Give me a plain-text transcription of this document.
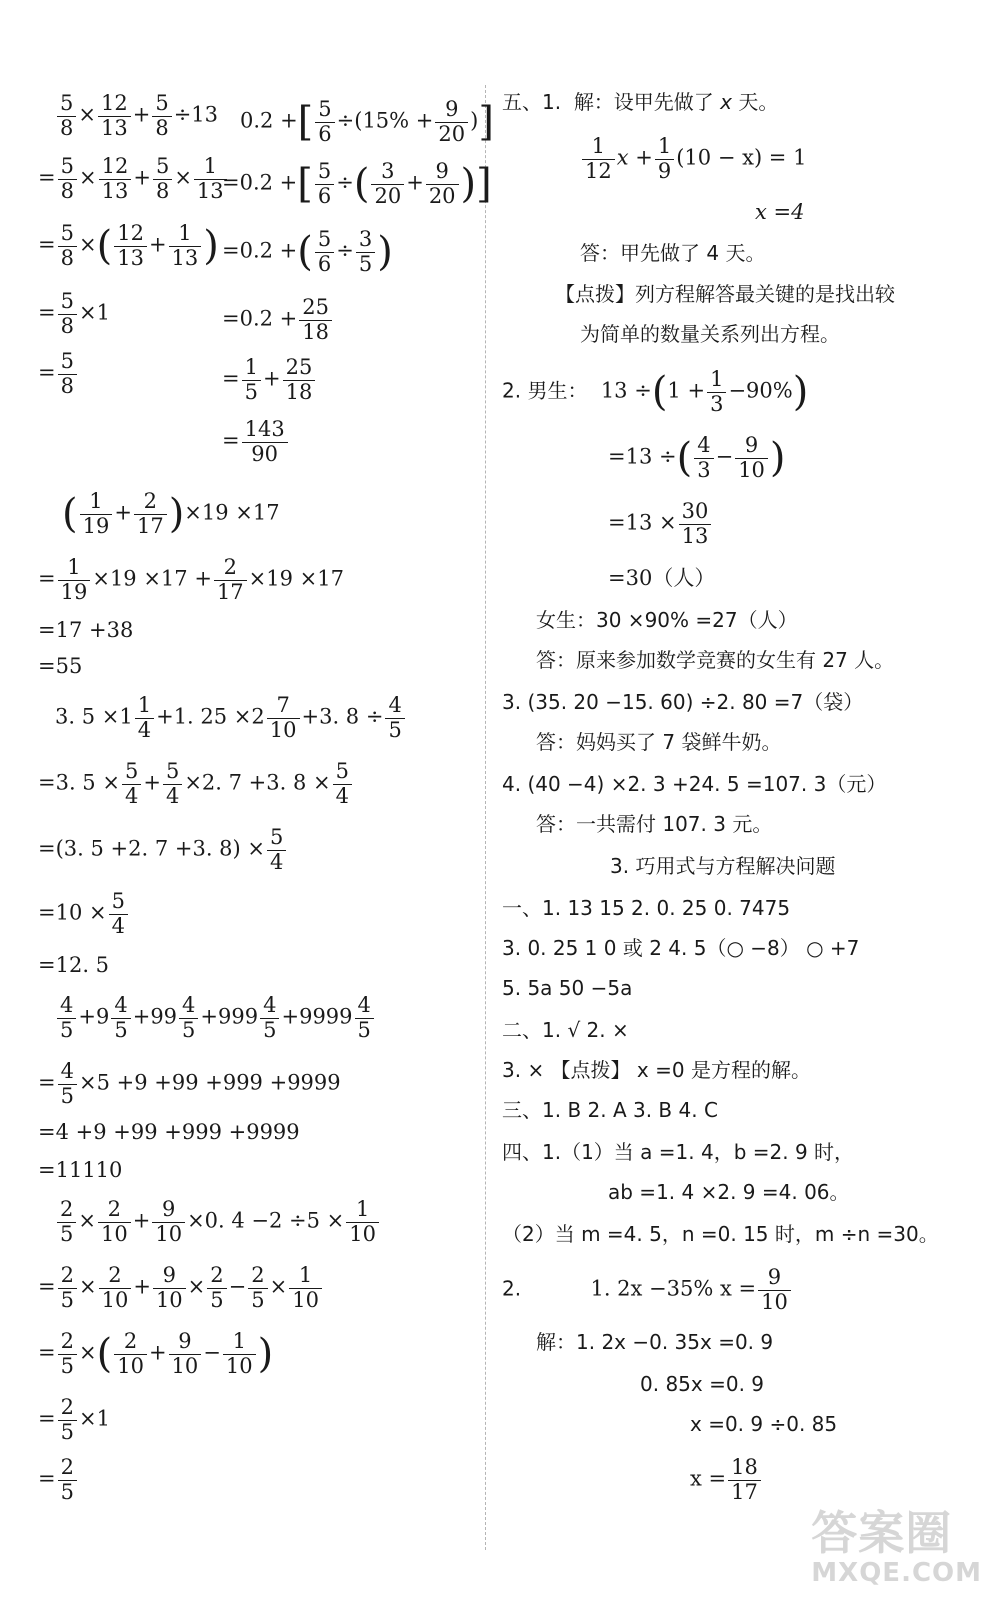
$\frac{5}{8} \times \frac{12}{13} + \frac{5}{8} \div 13$
= $\frac{5}{8} \times \frac{12}{13} + \frac{5}{8} \times \frac{1}{13}$
= $\frac{5}{8}$ ×( $\frac{12}{13} + \frac{1}{13}$ )
= $\frac{5}{8} \times 1$
= $\frac{5}{8}$
0.2 +[ $\frac{5}{6} \div(15\% + \frac{9}{20}$ )]
=0.2 +[ $\frac{5}{6}$ ÷( $\frac{3}{20} + \frac{9}{20}$ )]
=0.2 +( $\frac{5}{6} \div \frac{3}{5}$ )
$=0.2 + \frac{25}{18}$
= $\frac{1}{5} + \frac{25}{18}$
= $\frac{143}{90}$
( $\frac{1}{19} + \frac{2}{17} )\times 19 \times 17$
= $\frac{1}{19} \times 19 \times 17 + \frac{2}{17} \times 19 \times 17$
=17 +38
=55
3. $5 \times 1 \frac{1}{4} +1$. $25 \times 2 \frac{7}{10} +3$. $8 \div \frac{4}{5}$
=3. $5 \times \frac{5}{4} + \frac{5}{4} \times 2$. 7 +3. $8 \times \frac{5}{4}$
=(3. 5 +2. 7 +3. $8) \times \frac{5}{4}$
$=10 \times \frac{5}{4}$
=12. 5
$\frac{4}{5} +9 \frac{4}{5} +99 \frac{4}{5} +999 \frac{4}{5} +9999 \frac{4}{5}$
= $\frac{4}{5} \times 5 +9 +99 +999 +9999$
=4 +9 +99 +999 +9999
=11110
$\frac{2}{5} \times \frac{2}{10} + \frac{9}{10} \times 0$. $4 -2 \div 5 \times \frac{1}{10}$
= $\frac{2}{5} \times \frac{2}{10} + \frac{9}{10} \times \frac{2}{5} - \frac{2}{5} \times \frac{1}{10}$
= $\frac{2}{5}$ ×( $\frac{2}{10} + \frac{9}{10} - \frac{1}{10}$ )
= $\frac{2}{5} \times 1$
= $\frac{2}{5}$
五、1. 解：设甲先做了 x 天。
$\frac{1}{12}$ $x + \frac{1}{9} (10 - x) = 1$
x =4
答：甲先做了 4 天。
【点拨】列方程解答最关键的是找出较
为简单的数量关系列出方程。
2. 男生： $13 \div(1 + \frac{1}{3} -90\%)$
=13 ÷( $\frac{4}{3} - \frac{9}{10}$ )
$=13 \times \frac{30}{13}$
=30（人）
女生：30 ×90% =27（人）
答：原来参加数学竞赛的女生有 27 人。
3. (35. 20 −15. 60) ÷2. 80 =7（袋）
答：妈妈买了 7 袋鲜牛奶。
4. (40 −4) ×2. 3 +24. 5 =107. 3（元）
答：一共需付 107. 3 元。
3. 巧用式与方程解决问题
一、1. 13 15 2. 0. 25 0. 7475
3. 0. 25 1 0 或 2 4. 5（○ −8） ○ +7
5. 5a 50 −5a
二、1. √ 2. ×
3. × 【点拨】 x =0 是方程的解。
三、1. B 2. A 3. B 4. C
四、1.（1）当 a =1. 4，b =2. 9 时，
ab =1. 4 ×2. 9 =4. 06。
（2）当 m =4. 5，n =0. 15 时，m ÷n =30。
2.	1. 2x −35% $x = \frac{9}{10}$
解：1. 2x −0. 35x =0. 9
0. 85x =0. 9
x =0. 9 ÷0. 85
$x = \frac{18}{17}$
答案圈
MXQE.COM
